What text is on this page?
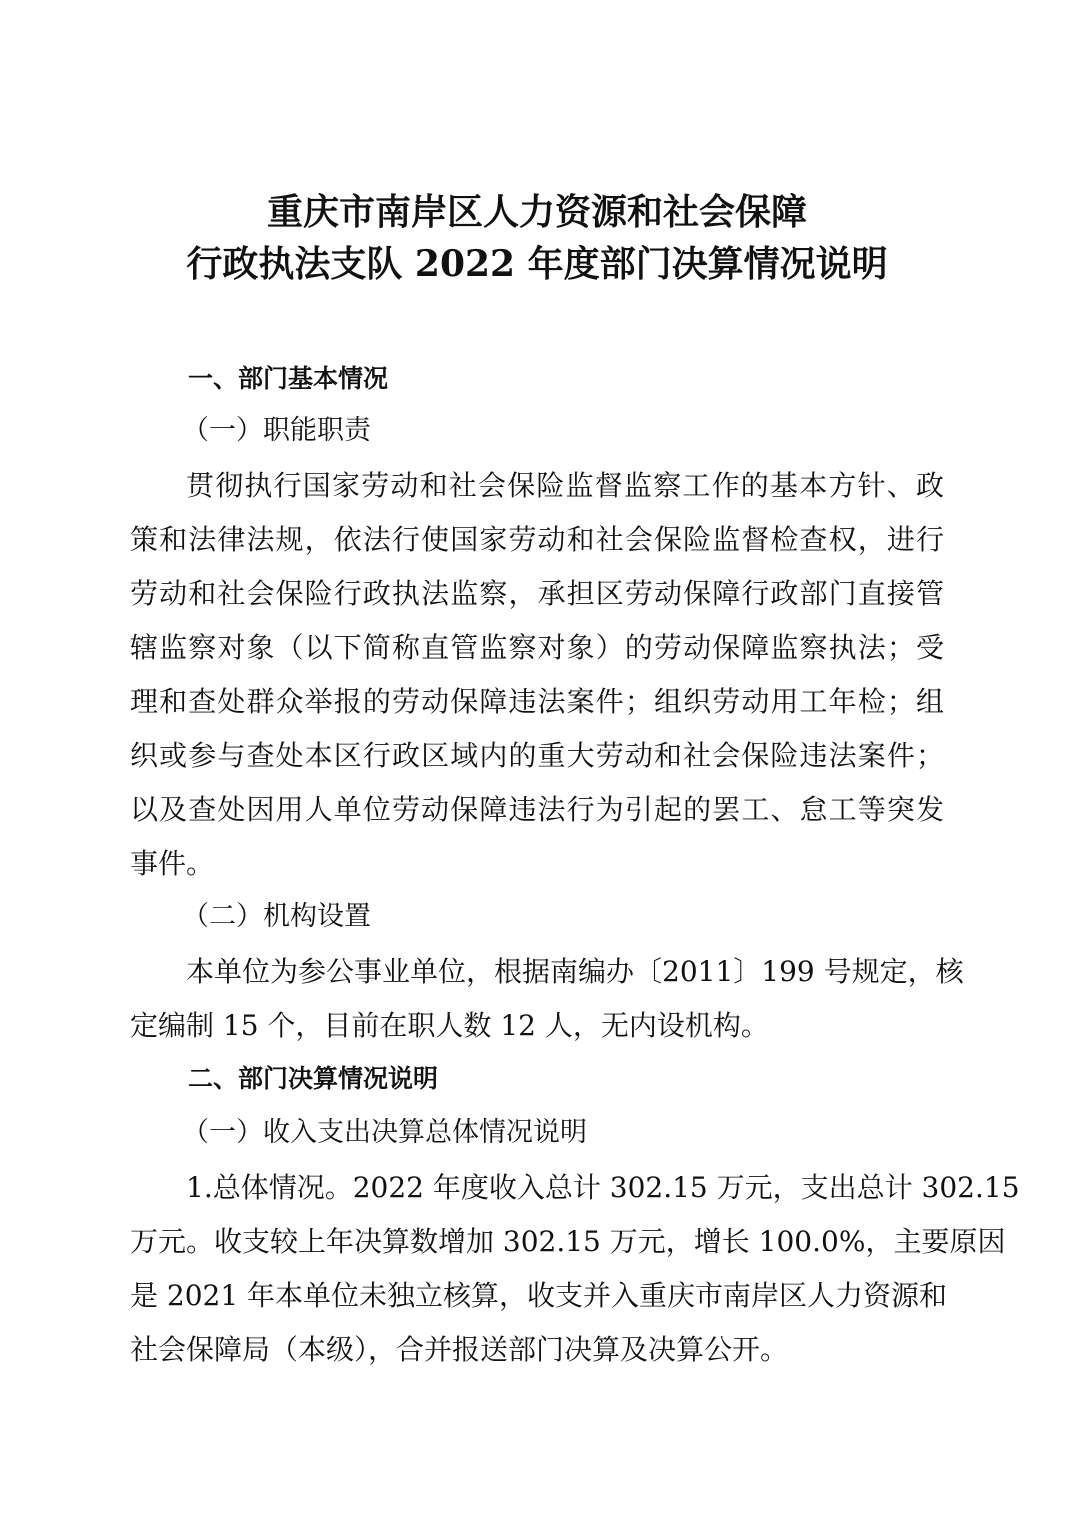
重庆市南岸区人力资源和社会保障
行政执法支队 2022 年度部门决算情况说明
一、部门基本情况
（一）职能职责
贯彻执行国家劳动和社会保险监督监察工作的基本方针、政
策和法律法规，依法行使国家劳动和社会保险监督检查权，进行
劳动和社会保险行政执法监察，承担区劳动保障行政部门直接管
辖监察对象（以下简称直管监察对象）的劳动保障监察执法；受
理和查处群众举报的劳动保障违法案件；组织劳动用工年检；组
织或参与查处本区行政区域内的重大劳动和社会保险违法案件；
以及查处因用人单位劳动保障违法行为引起的罢工、怠工等突发
事件。
（二）机构设置
本单位为参公事业单位，根据南编办〔2011〕199 号规定，核
定编制 15 个，目前在职人数 12 人，无内设机构。
二、部门决算情况说明
（一）收入支出决算总体情况说明
1.总体情况。2022 年度收入总计 302.15 万元，支出总计 302.15
万元。收支较上年决算数增加 302.15 万元，增长 100.0%，主要原因
是 2021 年本单位未独立核算，收支并入重庆市南岸区人力资源和
社会保障局（本级），合并报送部门决算及决算公开。
